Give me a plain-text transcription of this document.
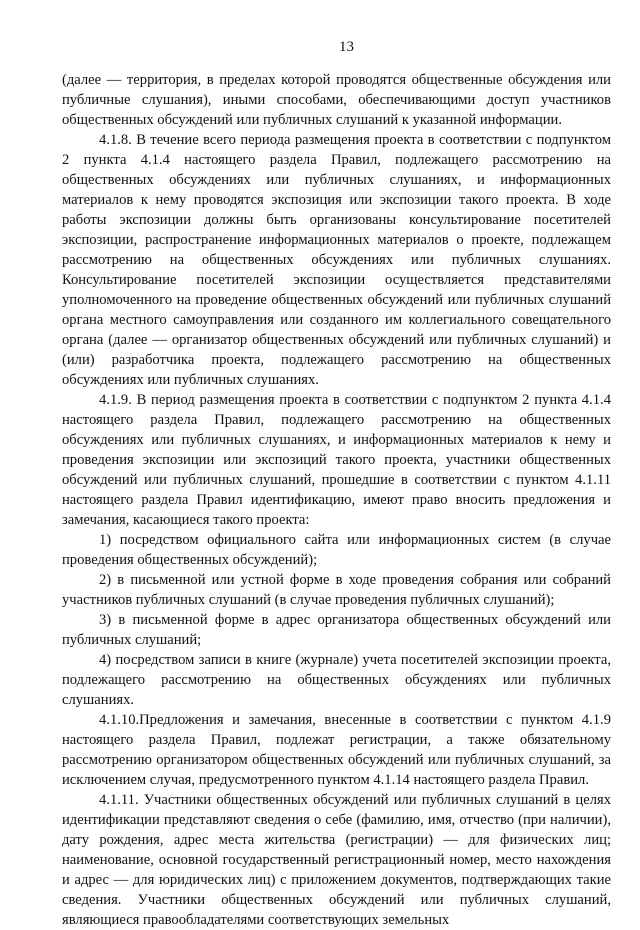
13

(далее — территория, в пределах которой проводятся общественные обсуждения или публичные слушания), иными способами, обеспечивающими доступ участников общественных обсуждений или публичных слушаний к указанной информации.

4.1.8. В течение всего периода размещения проекта в соответствии с подпунктом 2 пункта 4.1.4 настоящего раздела Правил, подлежащего рассмотрению на общественных обсуждениях или публичных слушаниях, и информационных материалов к нему проводятся экспозиция или экспозиции такого проекта. В ходе работы экспозиции должны быть организованы консультирование посетителей экспозиции, распространение информационных материалов о проекте, подлежащем рассмотрению на общественных обсуждениях или публичных слушаниях. Консультирование посетителей экспозиции осуществляется представителями уполномоченного на проведение общественных обсуждений или публичных слушаний органа местного самоуправления или созданного им коллегиального совещательного органа (далее — организатор общественных обсуждений или публичных слушаний) и (или) разработчика проекта, подлежащего рассмотрению на общественных обсуждениях или публичных слушаниях.

4.1.9. В период размещения проекта в соответствии с подпунктом 2 пункта 4.1.4 настоящего раздела Правил, подлежащего рассмотрению на общественных обсуждениях или публичных слушаниях, и информационных материалов к нему и проведения экспозиции или экспозиций такого проекта, участники общественных обсуждений или публичных слушаний, прошедшие в соответствии с пунктом 4.1.11 настоящего раздела Правил идентификацию, имеют право вносить предложения и замечания, касающиеся такого проекта:

1) посредством официального сайта или информационных систем (в случае проведения общественных обсуждений);

2) в письменной или устной форме в ходе проведения собрания или собраний участников публичных слушаний (в случае проведения публичных слушаний);

3) в письменной форме в адрес организатора общественных обсуждений или публичных слушаний;

4) посредством записи в книге (журнале) учета посетителей экспозиции проекта, подлежащего рассмотрению на общественных обсуждениях или публичных слушаниях.

4.1.10.Предложения и замечания, внесенные в соответствии с пунктом 4.1.9 настоящего раздела Правил, подлежат регистрации, а также обязательному рассмотрению организатором общественных обсуждений или публичных слушаний, за исключением случая, предусмотренного пунктом 4.1.14 настоящего раздела Правил.

4.1.11. Участники общественных обсуждений или публичных слушаний в целях идентификации представляют сведения о себе (фамилию, имя, отчество (при наличии), дату рождения, адрес места жительства (регистрации) — для физических лиц; наименование, основной государственный регистрационный номер, место нахождения и адрес — для юридических лиц) с приложением документов, подтверждающих такие сведения. Участники общественных обсуждений или публичных слушаний, являющиеся правообладателями соответствующих земельных
